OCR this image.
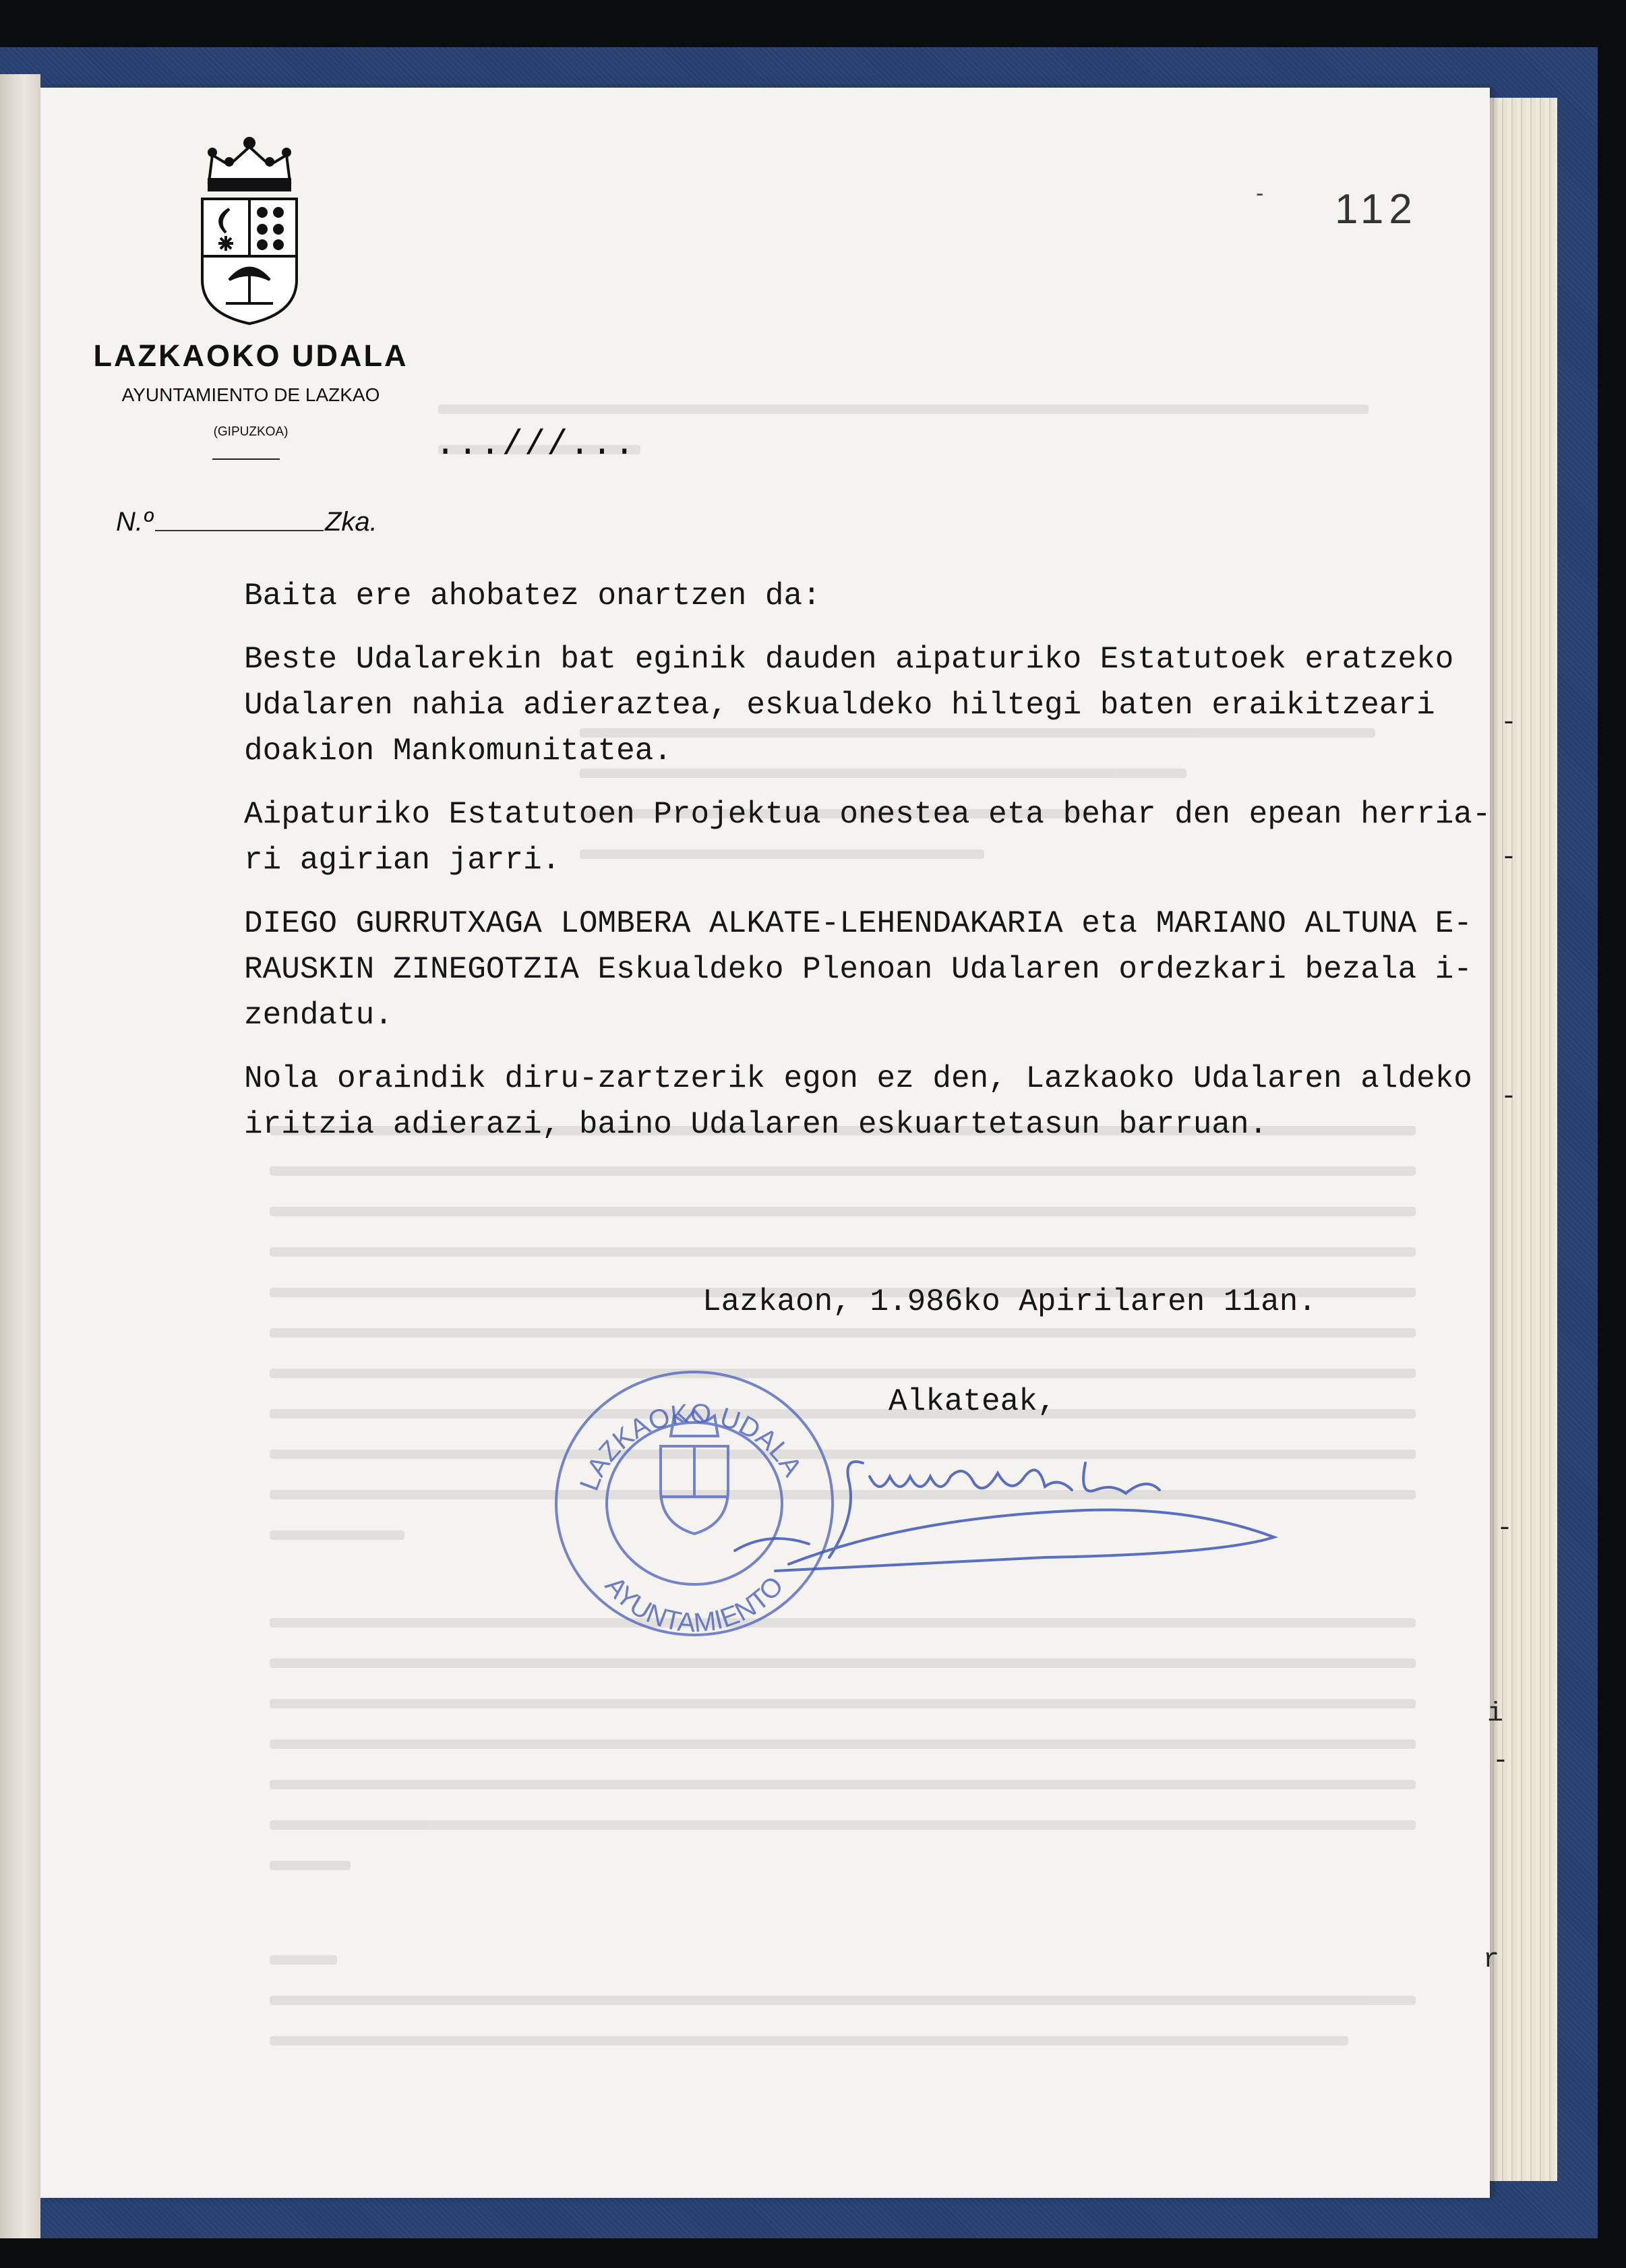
LAZKAOKO UDALA
AYUNTAMIENTO DE LAZKAO
(GIPUZKOA)	...///...
- 112
N.º	Zka.

Baita ere ahobatez onartzen da:

Beste Udalarekin bat eginik dauden aipaturiko Estatutoek eratzeko
Udalaren nahia adieraztea, eskualdeko hiltegi baten eraikitzeari
doakion Mankomunitatea.

Aipaturiko Estatutoen Projektua onestea eta behar den epean herria-
ri agirian jarri.

DIEGO GURRUTXAGA LOMBERA ALKATE-LEHENDAKARIA eta MARIANO ALTUNA E-
RAUSKIN ZINEGOTZIA Eskualdeko Plenoan Udalaren ordezkari bezala i-
zendatu.

Nola oraindik diru-zartzerik egon ez den, Lazkaoko Udalaren aldeko
iritzia adierazi, baino Udalaren eskuartetasun barruan.

Lazkaon, 1.986ko Apirilaren 11an.
Alkateak,
LAZKAOKO UDALA
AYUNTAMIENTO
-
-
-
-
i
-
r
